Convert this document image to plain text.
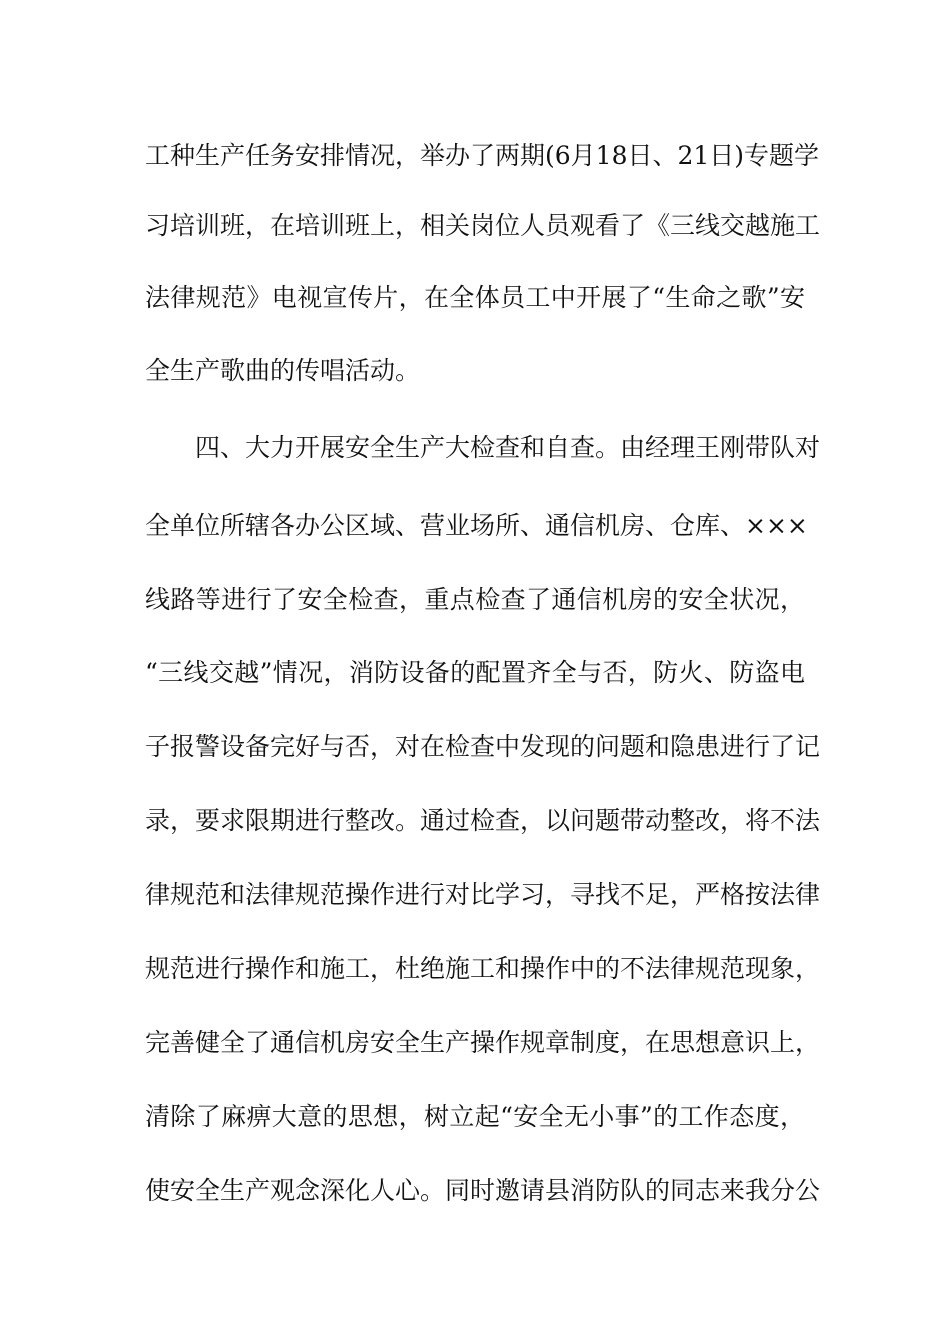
工种生产任务安排情况，举办了两期(6月18日、21日)专题学
习培训班，在培训班上，相关岗位人员观看了《三线交越施工
法律规范》电视宣传片，在全体员工中开展了“生命之歌”安
全生产歌曲的传唱活动。
四、大力开展安全生产大检查和自查。由经理王刚带队对
全单位所辖各办公区域、营业场所、通信机房、仓库、×××
线路等进行了安全检查，重点检查了通信机房的安全状况，
“三线交越”情况，消防设备的配置齐全与否，防火、防盗电
子报警设备完好与否，对在检查中发现的问题和隐患进行了记
录，要求限期进行整改。通过检查，以问题带动整改，将不法
律规范和法律规范操作进行对比学习，寻找不足，严格按法律
规范进行操作和施工，杜绝施工和操作中的不法律规范现象，
完善健全了通信机房安全生产操作规章制度，在思想意识上，
清除了麻痹大意的思想，树立起“安全无小事”的工作态度，
使安全生产观念深化人心。同时邀请县消防队的同志来我分公
